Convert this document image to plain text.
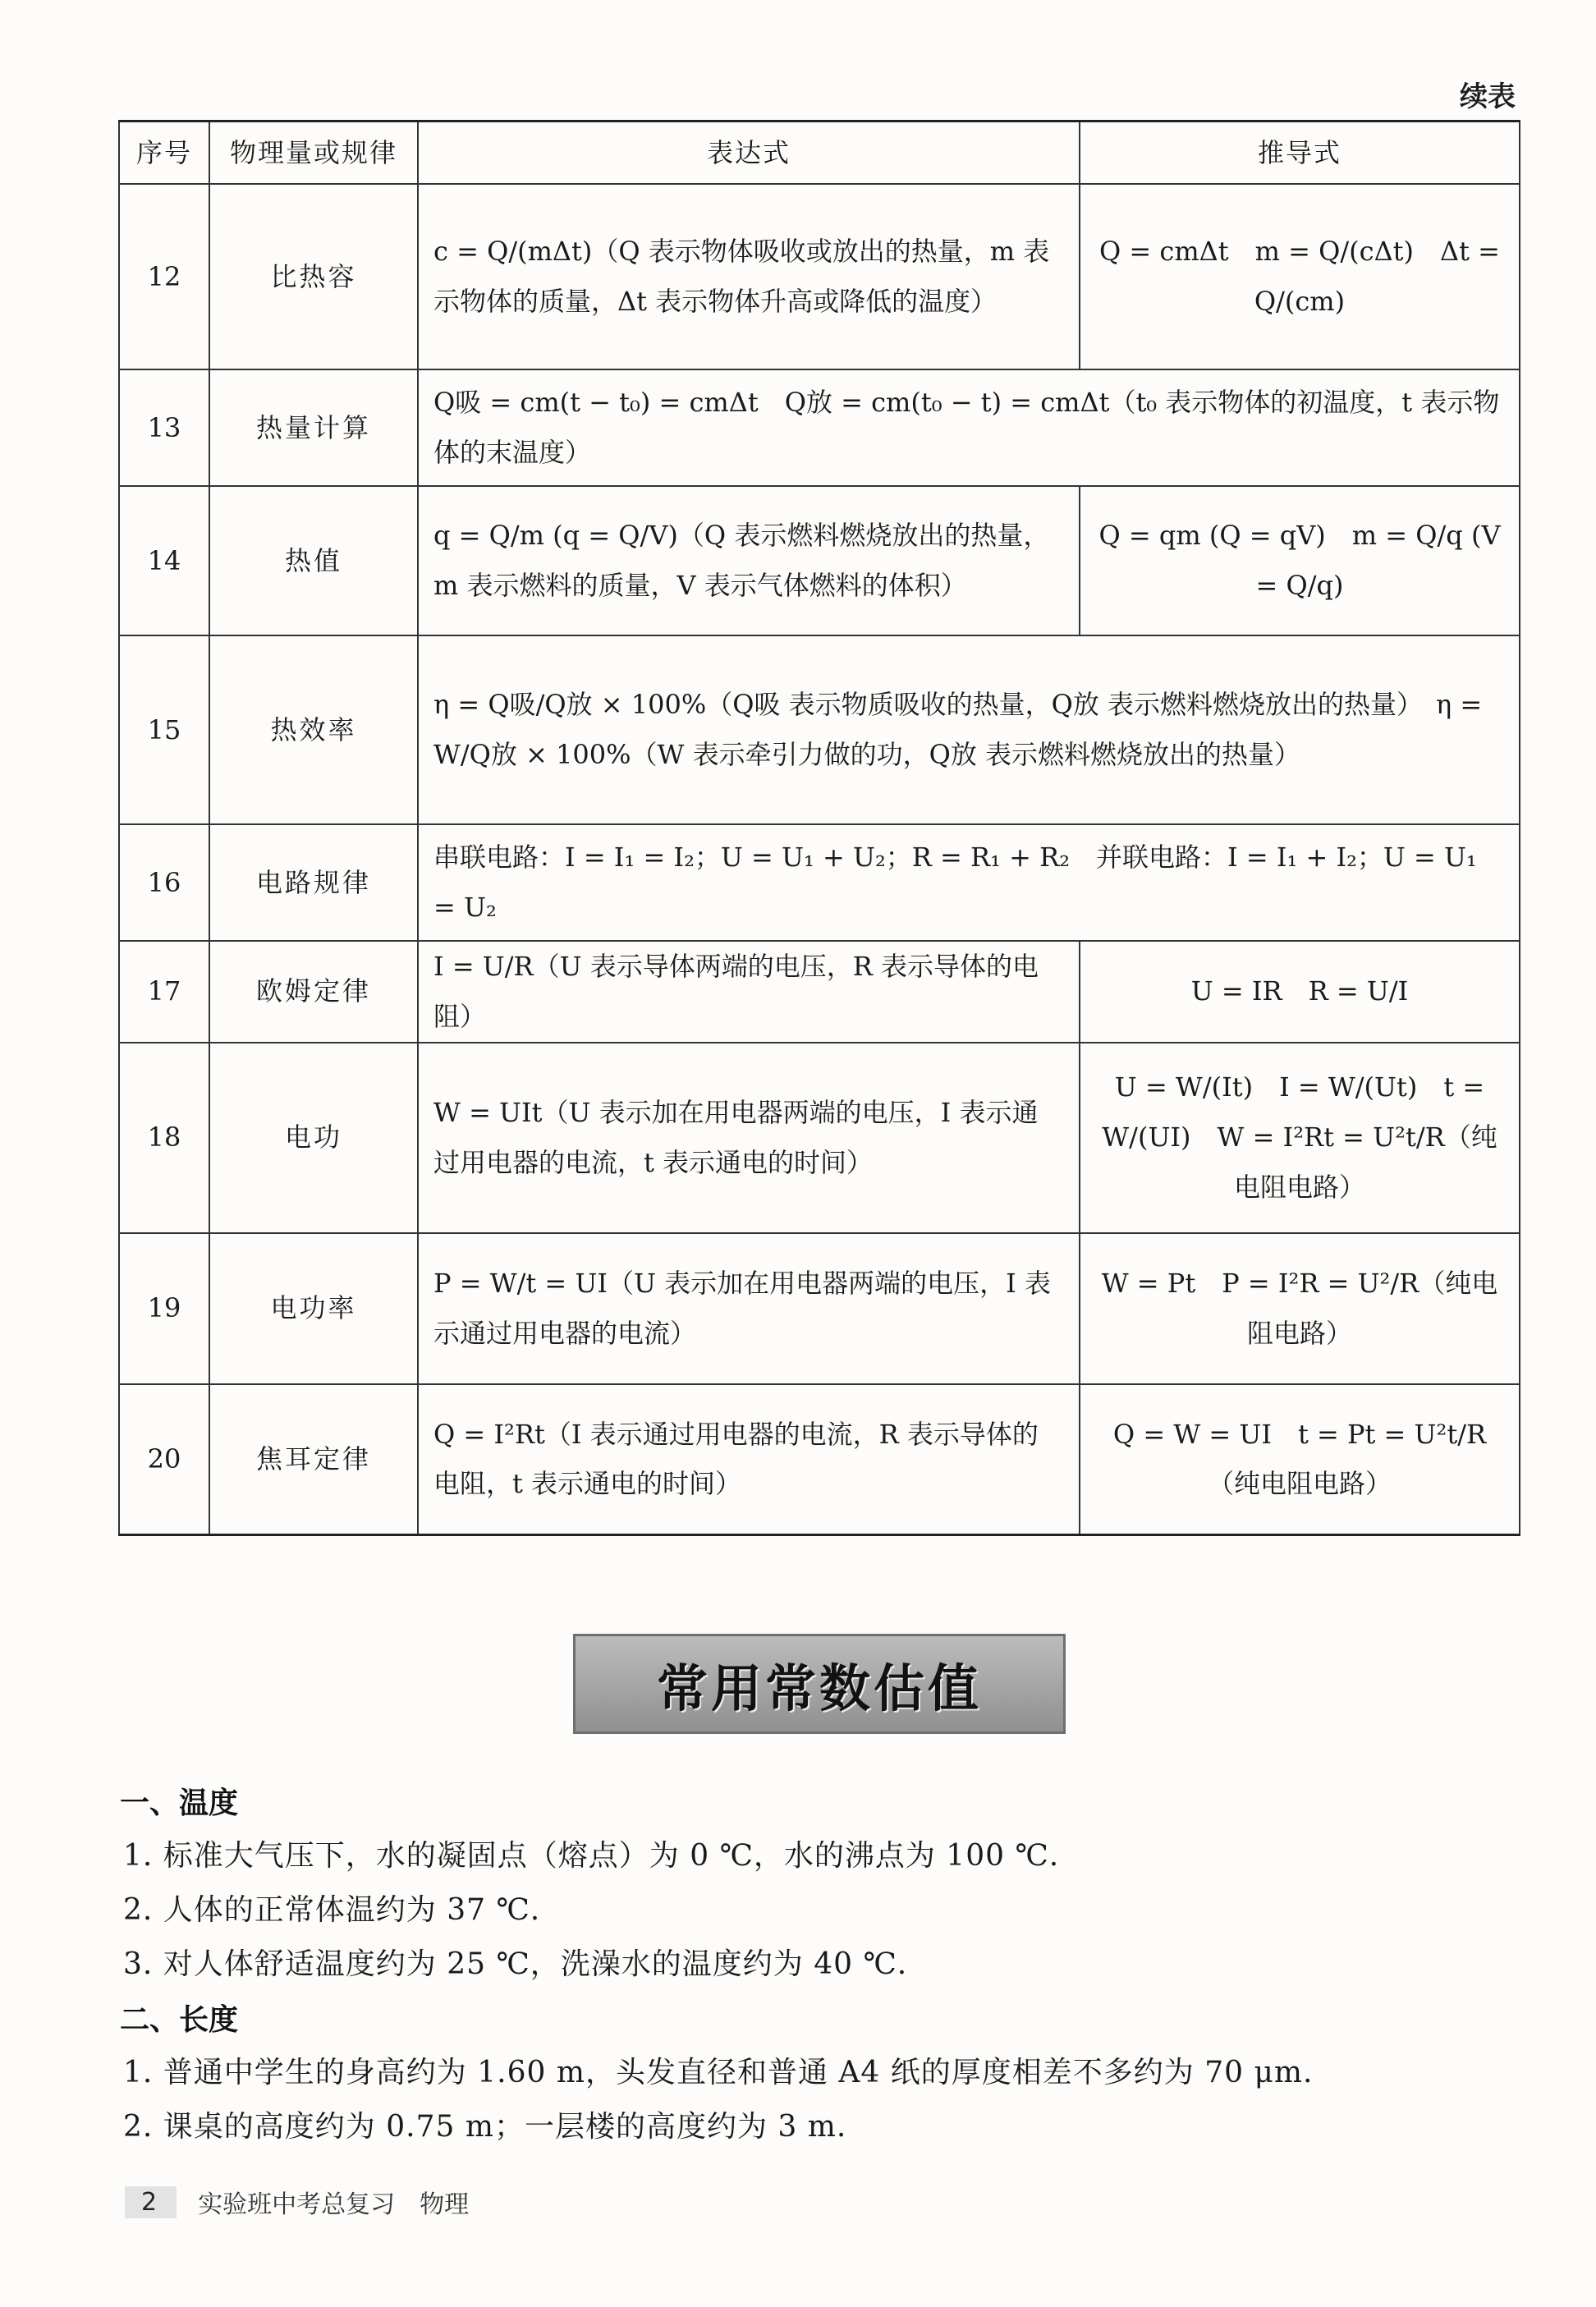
续表
序号	物理量或规律	表达式	推导式
12	比热容	c = Q/(mΔt)（Q 表示物体吸收或放出的热量，m 表示物体的质量，Δt 表示物体升高或降低的温度）	Q = cmΔt　m = Q/(cΔt)　Δt = Q/(cm)
13	热量计算	Q吸 = cm(t − t₀) = cmΔt　Q放 = cm(t₀ − t) = cmΔt（t₀ 表示物体的初温度，t 表示物体的末温度）	
14	热值	q = Q/m (q = Q/V)（Q 表示燃料燃烧放出的热量，m 表示燃料的质量，V 表示气体燃料的体积）	Q = qm (Q = qV)　m = Q/q (V = Q/q)
15	热效率	η = Q吸/Q放 × 100%（Q吸 表示物质吸收的热量，Q放 表示燃料燃烧放出的热量）　η = W/Q放 × 100%（W 表示牵引力做的功，Q放 表示燃料燃烧放出的热量）	
16	电路规律	串联电路：I = I₁ = I₂；U = U₁ + U₂；R = R₁ + R₂　并联电路：I = I₁ + I₂；U = U₁ = U₂	
17	欧姆定律	I = U/R（U 表示导体两端的电压，R 表示导体的电阻）	U = IR　R = U/I
18	电功	W = UIt（U 表示加在用电器两端的电压，I 表示通过用电器的电流，t 表示通电的时间）	U = W/(It)　I = W/(Ut)　t = W/(UI)　W = I²Rt = U²t/R（纯电阻电路）
19	电功率	P = W/t = UI（U 表示加在用电器两端的电压，I 表示通过用电器的电流）	W = Pt　P = I²R = U²/R（纯电阻电路）
20	焦耳定律	Q = I²Rt（I 表示通过用电器的电流，R 表示导体的电阻，t 表示通电的时间）	Q = W = UI　t = Pt = U²t/R（纯电阻电路）
常用常数估值
一、温度
1. 标准大气压下，水的凝固点（熔点）为 0 ℃，水的沸点为 100 ℃.
2. 人体的正常体温约为 37 ℃.
3. 对人体舒适温度约为 25 ℃，洗澡水的温度约为 40 ℃.
二、长度
1. 普通中学生的身高约为 1.60 m，头发直径和普通 A4 纸的厚度相差不多约为 70 μm.
2. 课桌的高度约为 0.75 m；一层楼的高度约为 3 m.
2	实验班中考总复习　物理
